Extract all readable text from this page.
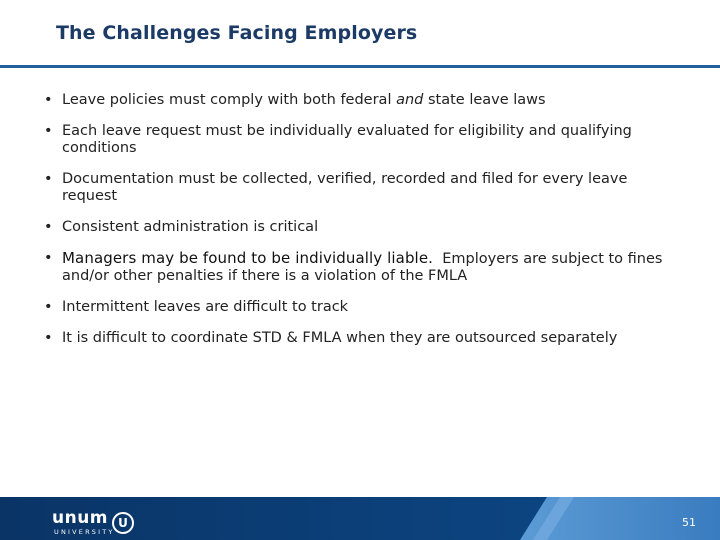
The Challenges Facing Employers
• Leave policies must comply with both federal and state leave laws
• Each leave request must be individually evaluated for eligibility and qualifying conditions
• Documentation must be collected, verified, recorded and filed for every leave request
• Consistent administration is critical
• Managers may be found to be individually liable.  Employers are subject to fines and/or other penalties if there is a violation of the FMLA
• Intermittent leaves are difficult to track
• It is difficult to coordinate STD & FMLA when they are outsourced separately
unum
UNIVERSITY
U	51
